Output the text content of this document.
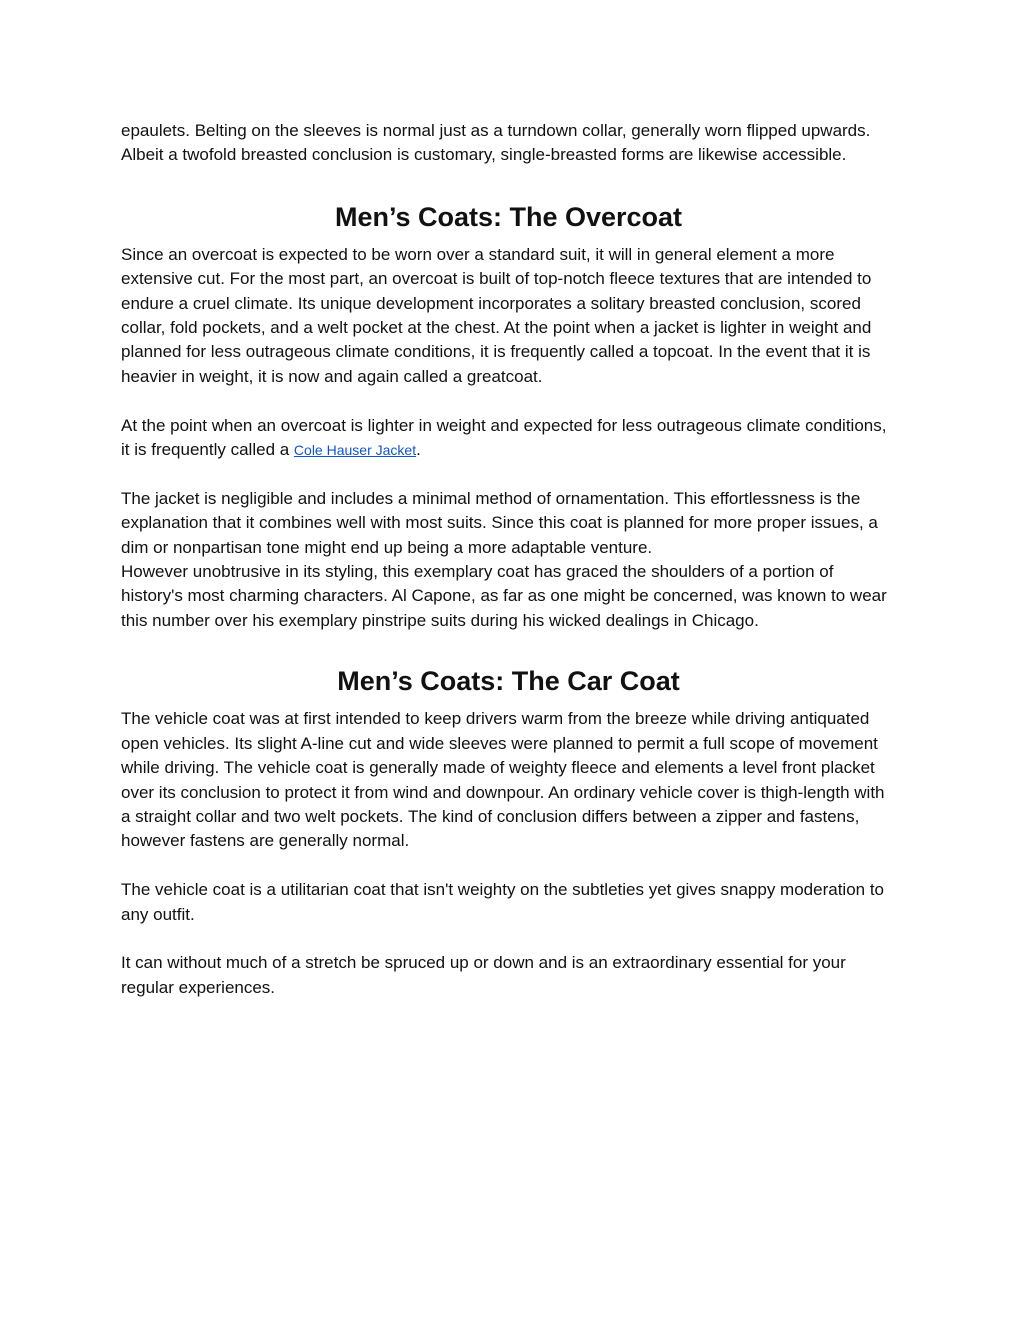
epaulets. Belting on the sleeves is normal just as a turndown collar, generally worn flipped upwards. Albeit a twofold breasted conclusion is customary, single-breasted forms are likewise accessible.

Men’s Coats: The Overcoat

Since an overcoat is expected to be worn over a standard suit, it will in general element a more extensive cut. For the most part, an overcoat is built of top-notch fleece textures that are intended to endure a cruel climate. Its unique development incorporates a solitary breasted conclusion, scored collar, fold pockets, and a welt pocket at the chest. At the point when a jacket is lighter in weight and planned for less outrageous climate conditions, it is frequently called a topcoat. In the event that it is heavier in weight, it is now and again called a greatcoat.

At the point when an overcoat is lighter in weight and expected for less outrageous climate conditions, it is frequently called a Cole Hauser Jacket.

The jacket is negligible and includes a minimal method of ornamentation. This effortlessness is the explanation that it combines well with most suits. Since this coat is planned for more proper issues, a dim or nonpartisan tone might end up being a more adaptable venture.

However unobtrusive in its styling, this exemplary coat has graced the shoulders of a portion of history's most charming characters. Al Capone, as far as one might be concerned, was known to wear this number over his exemplary pinstripe suits during his wicked dealings in Chicago.

Men’s Coats: The Car Coat

The vehicle coat was at first intended to keep drivers warm from the breeze while driving antiquated open vehicles. Its slight A-line cut and wide sleeves were planned to permit a full scope of movement while driving. The vehicle coat is generally made of weighty fleece and elements a level front placket over its conclusion to protect it from wind and downpour. An ordinary vehicle cover is thigh-length with a straight collar and two welt pockets. The kind of conclusion differs between a zipper and fastens, however fastens are generally normal.

The vehicle coat is a utilitarian coat that isn't weighty on the subtleties yet gives snappy moderation to any outfit.

It can without much of a stretch be spruced up or down and is an extraordinary essential for your regular experiences.
